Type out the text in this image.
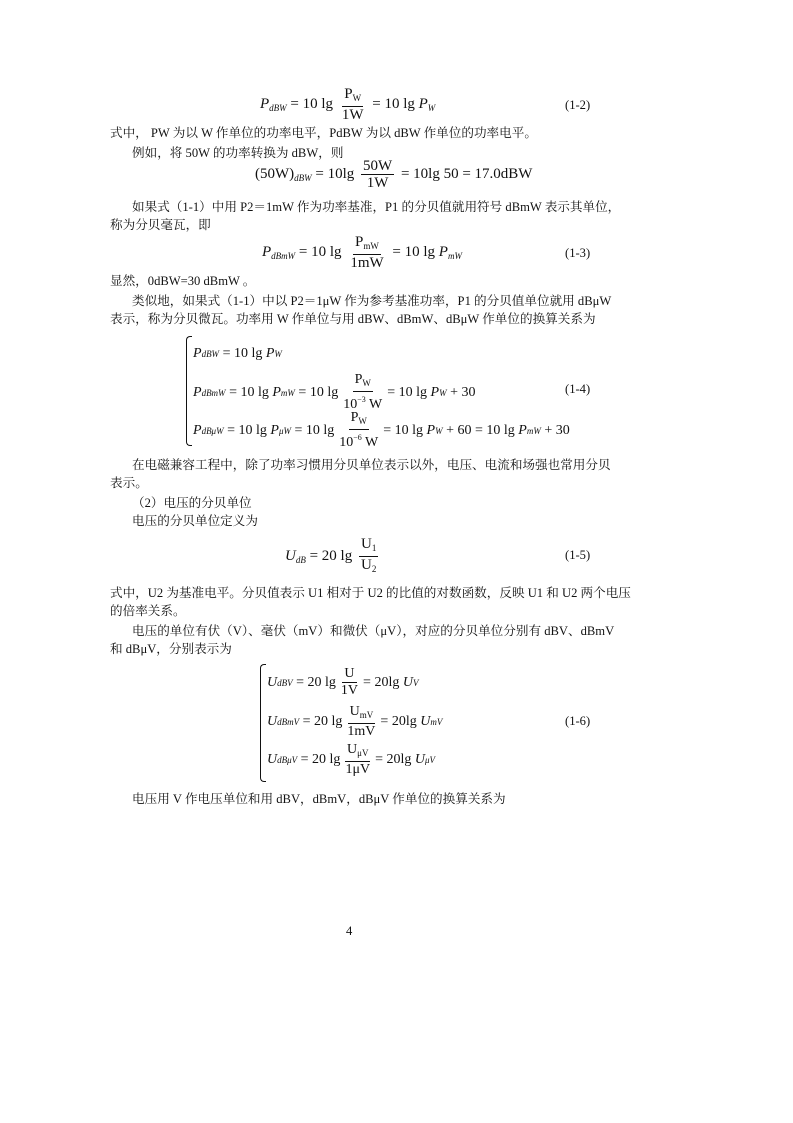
$P_{dBW} = 10$ $\lg \frac{P_W}{1W} = 10$ $\lg P_W$	(1-2)
式中， PW 为以 W 作单位的功率电平，PdBW 为以 dBW 作单位的功率电平。
例如，将 50W 的功率转换为 dBW，则
$(50W)_{dBW} = 10\lg \frac{50W}{1W} = 10\lg$ 50 = 17.0dBW
如果式（1-1）中用 P2＝1mW 作为功率基准，P1 的分贝值就用符号 dBmW 表示其单位，
称为分贝毫瓦，即
$P_{dBmW} = 10$ $\lg \frac{P_{mW}}{1mW} = 10$ $\lg P_{mW}$	(1-3)
显然，0dBW=30 dBmW 。
类似地，如果式（1-1）中以 P2＝1μW 作为参考基准功率，P1 的分贝值单位就用 dBμW
表示，称为分贝微瓦。功率用 W 作单位与用 dBW、dBmW、dBμW 作单位的换算关系为
P dBW
= 10 lg P W
P dBmW
= 10 lg P mW
= 10 $\lg \frac{P_W}{10^{-3} W} = 10$ lg P W
+ 30
P dBμW
= 10 lg P μW
= 10 $\lg \frac{P_W}{10^{-6} W} = 10$ lg P W
+ 60 = 10 lg P mW
+ 30
(1-4)
在电磁兼容工程中，除了功率习惯用分贝单位表示以外，电压、电流和场强也常用分贝
表示。
（2）电压的分贝单位
电压的分贝单位定义为
$U_{dB} = 20$ $\lg \frac{U_1}{U_2}$	(1-5)
式中，U2 为基准电平。分贝值表示 U1 相对于 U2 的比值的对数函数，反映 U1 和 U2 两个电压
的倍率关系。
电压的单位有伏（V）、毫伏（mV）和微伏（μV），对应的分贝单位分别有 dBV、dBmV
和 dBμV，分别表示为
U dBV
= 20 $\lg \frac{U}{1V} = 20\lg$ U V
U dBmV
= 20 $\lg \frac{U_{mV}}{1mV} = 20\lg$ U mV
U dBμV
= 20 $\lg \frac{U_{\mu V}}{1\mu V} = 20\lg$ U μV
(1-6)
电压用 V 作电压单位和用 dBV，dBmV，dBμV 作单位的换算关系为
4
